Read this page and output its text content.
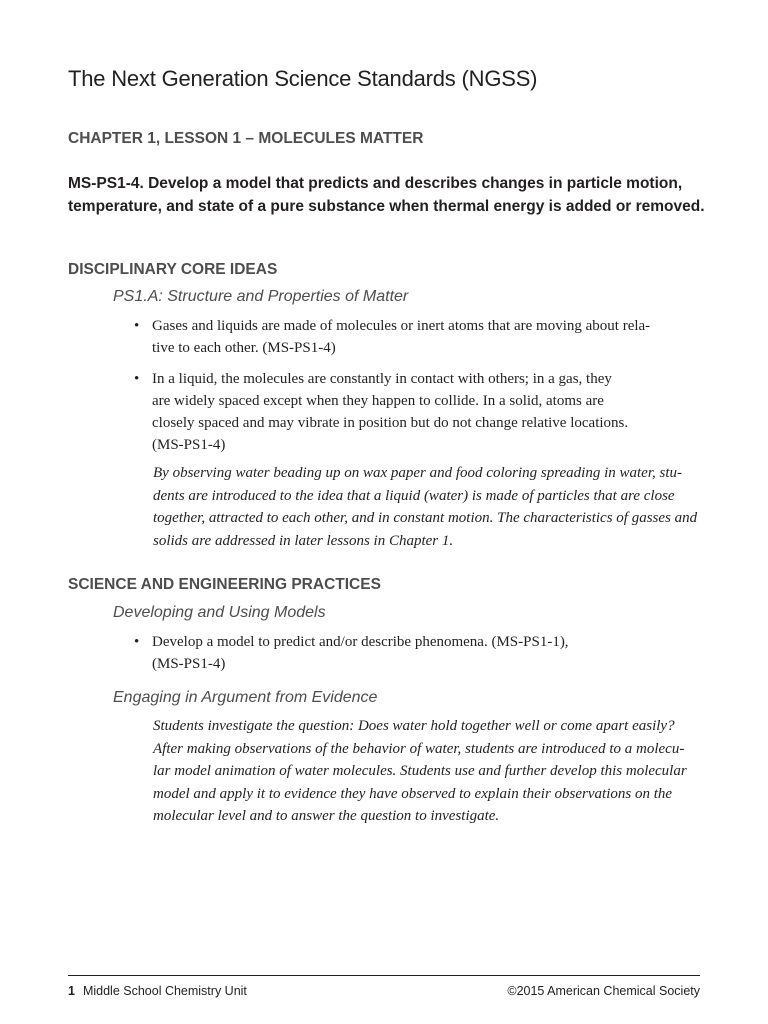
The Next Generation Science Standards (NGSS)
CHAPTER 1, LESSON 1 – MOLECULES MATTER
MS-PS1-4. Develop a model that predicts and describes changes in particle motion, temperature, and state of a pure substance when thermal energy is added or removed.
DISCIPLINARY CORE IDEAS
PS1.A: Structure and Properties of Matter
• Gases and liquids are made of molecules or inert atoms that are moving about rela-
tive to each other. (MS-PS1-4)
• In a liquid, the molecules are constantly in contact with others; in a gas, they
are widely spaced except when they happen to collide. In a solid, atoms are
closely spaced and may vibrate in position but do not change relative locations.
(MS-PS1-4)
By observing water beading up on wax paper and food coloring spreading in water, stu-
dents are introduced to the idea that a liquid (water) is made of particles that are close
together, attracted to each other, and in constant motion. The characteristics of gasses and
solids are addressed in later lessons in Chapter 1.
SCIENCE AND ENGINEERING PRACTICES
Developing and Using Models
• Develop a model to predict and/or describe phenomena. (MS-PS1-1),
(MS-PS1-4)
Engaging in Argument from Evidence
Students investigate the question: Does water hold together well or come apart easily?
After making observations of the behavior of water, students are introduced to a molecu-
lar model animation of water molecules. Students use and further develop this molecular
model and apply it to evidence they have observed to explain their observations on the
molecular level and to answer the question to investigate.
1 Middle School Chemistry Unit	©2015 American Chemical Society
